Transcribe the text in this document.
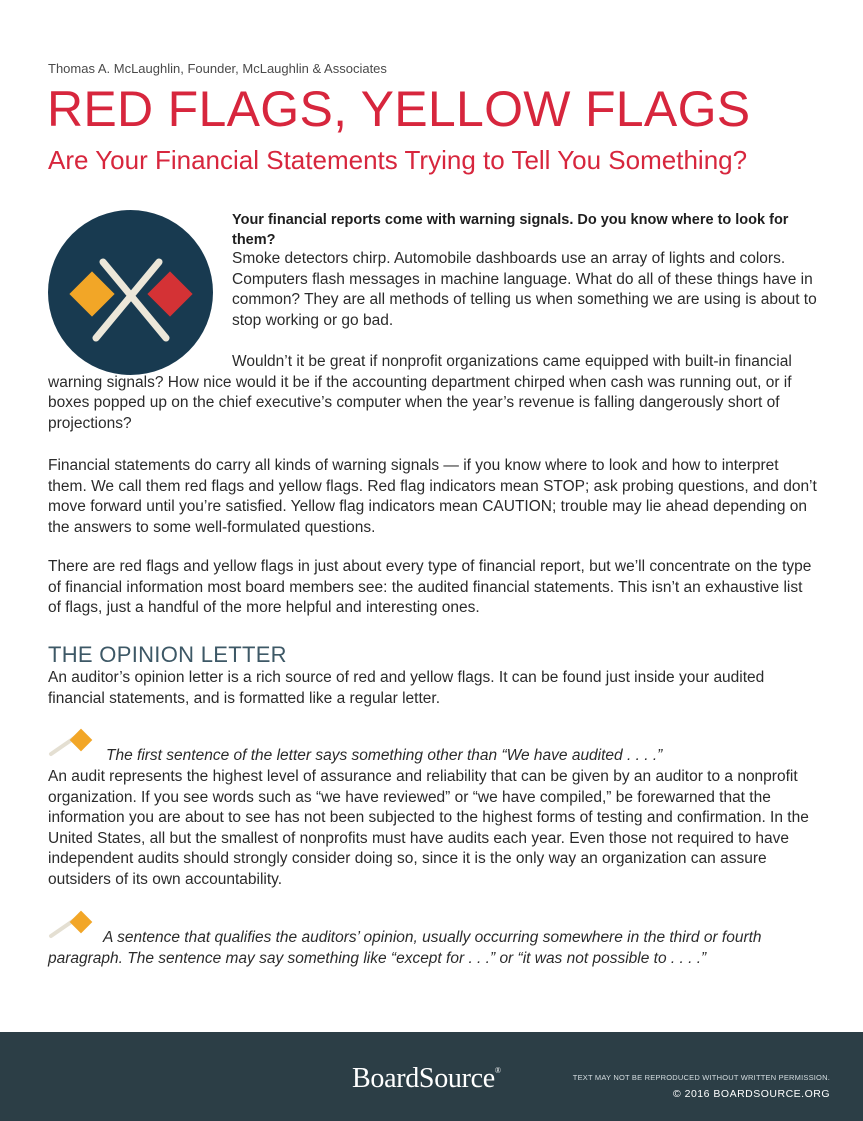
Thomas A. McLaughlin, Founder, McLaughlin & Associates
RED FLAGS, YELLOW FLAGS
Are Your Financial Statements Trying to Tell You Something?

Your financial reports come with warning signals. Do you know where to look for them?

Smoke detectors chirp. Automobile dashboards use an array of lights and colors. Computers flash messages in machine language. What do all of these things have in common? They are all methods of telling us when something we are using is about to stop working or go bad.

Wouldn’t it be great if nonprofit organizations came equipped with built-in financial warning signals? How nice would it be if the accounting department chirped when cash was running out, or if boxes popped up on the chief executive’s computer when the year’s revenue is falling dangerously short of projections?

Financial statements do carry all kinds of warning signals — if you know where to look and how to interpret them. We call them red flags and yellow flags. Red flag indicators mean STOP; ask probing questions, and don’t move forward until you’re satisfied. Yellow flag indicators mean CAUTION; trouble may lie ahead depending on the answers to some well-formulated questions.

There are red flags and yellow flags in just about every type of financial report, but we’ll concentrate on the type of financial information most board members see: the audited financial statements. This isn’t an exhaustive list of flags, just a handful of the more helpful and interesting ones.

THE OPINION LETTER

An auditor’s opinion letter is a rich source of red and yellow flags. It can be found just inside your audited financial statements, and is formatted like a regular letter.

The first sentence of the letter says something other than “We have audited . . . .”

An audit represents the highest level of assurance and reliability that can be given by an auditor to a nonprofit organization. If you see words such as “we have reviewed” or “we have compiled,” be forewarned that the information you are about to see has not been subjected to the highest forms of testing and confirmation. In the United States, all but the smallest of nonprofits must have audits each year. Even those not required to have independent audits should strongly consider doing so, since it is the only way an organization can assure outsiders of its own accountability.

A sentence that qualifies the auditors’ opinion, usually occurring somewhere in the third or fourth paragraph. The sentence may say something like “except for . . .” or “it was not possible to . . . .”

BoardSource®
TEXT MAY NOT BE REPRODUCED WITHOUT WRITTEN PERMISSION.
© 2016 BOARDSOURCE.ORG
